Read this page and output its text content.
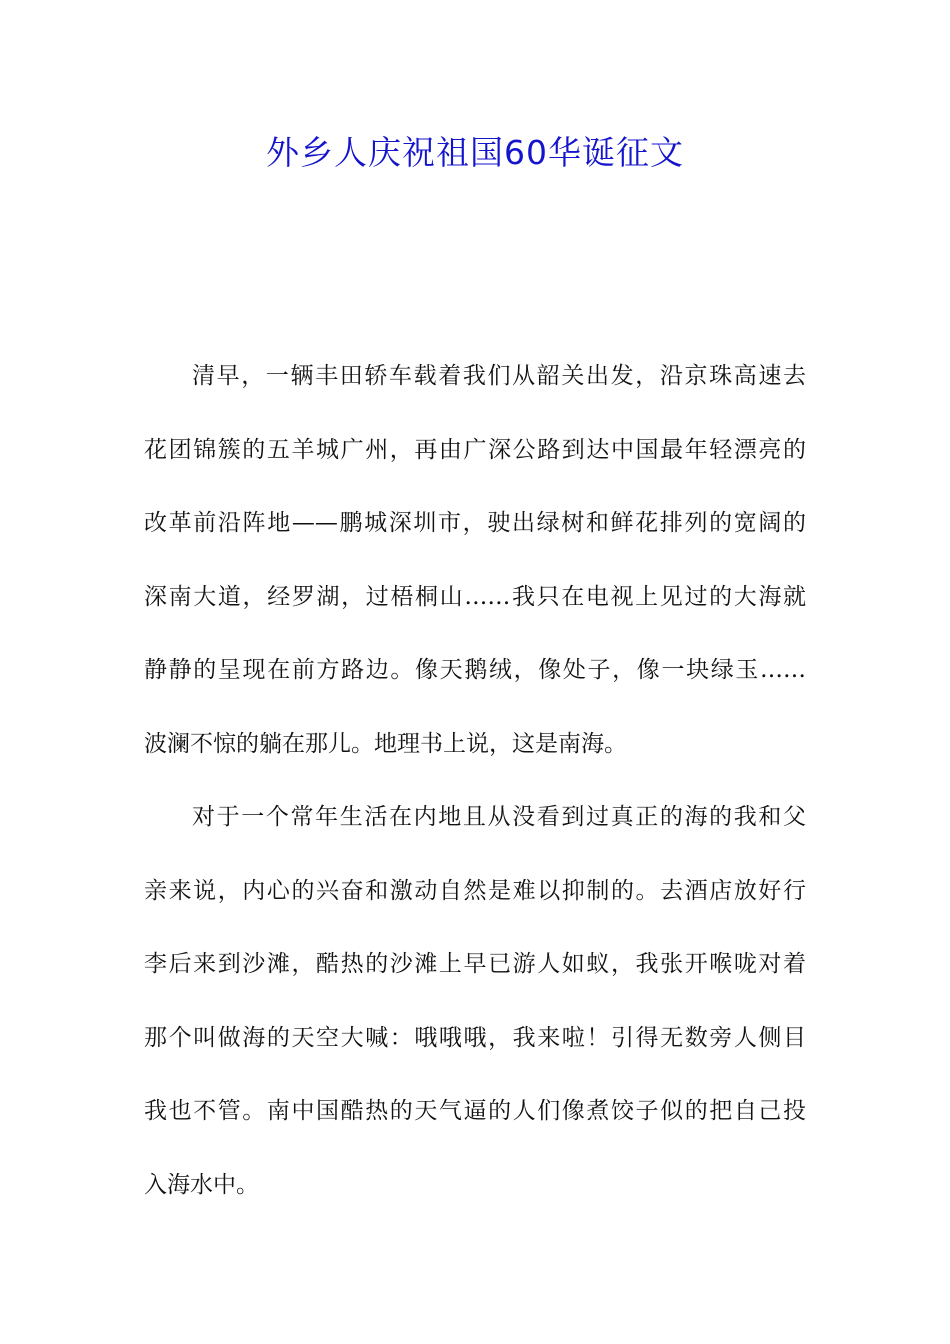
外乡人庆祝祖国60华诞征文
清早，一辆丰田轿车载着我们从韶关出发，沿京珠高速去
花团锦簇的五羊城广州，再由广深公路到达中国最年轻漂亮的
改革前沿阵地——鹏城深圳市，驶出绿树和鲜花排列的宽阔的
深南大道，经罗湖，过梧桐山……我只在电视上见过的大海就
静静的呈现在前方路边。像天鹅绒，像处子，像一块绿玉……
波澜不惊的躺在那儿。地理书上说，这是南海。
对于一个常年生活在内地且从没看到过真正的海的我和父
亲来说，内心的兴奋和激动自然是难以抑制的。去酒店放好行
李后来到沙滩，酷热的沙滩上早已游人如蚁，我张开喉咙对着
那个叫做海的天空大喊：哦哦哦，我来啦！引得无数旁人侧目
我也不管。南中国酷热的天气逼的人们像煮饺子似的把自己投
入海水中。
